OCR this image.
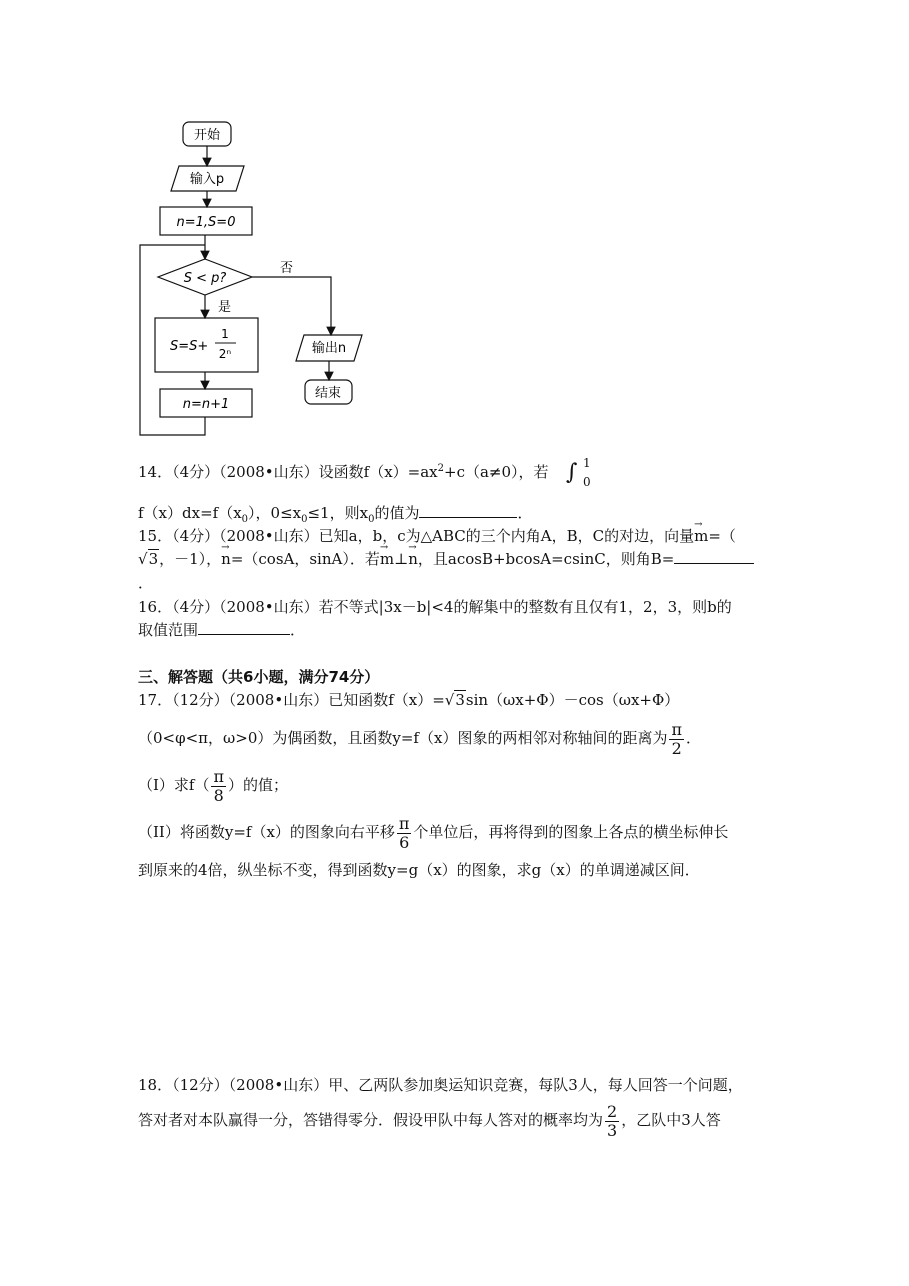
开始
输入p
n=1,S=0
S < p?
是
否
S=S+
1
2ⁿ
n=n+1
输出n
结束
14．（4分）（2008•山东）设函数$f(x)=ax^2+c(a\ne 0)$，若 ∫ 1
0
$f(x)dx=f(x_0)$，$0\le x_0\le 1$，则$x_0$的值为	．
15．（4分）（2008•山东）已知a，b，c为△ABC的三个内角A，B，C的对边，向量→ m=（
√3，－1），→ n=（cosA，sinA）．若→ m⊥→ n，且acosB+bcosA=csinC，则角B=
．
16．（4分）（2008•山东）若不等式|3x－b|<4的解集中的整数有且仅有1，2，3，则b的
取值范围	．
三、解答题（共6小题，满分74分）
17．（12分）（2008•山东）已知函数f（x）=√3sin（ωx+Φ）－cos（ωx+Φ）
（0<φ<π，ω>0）为偶函数，且函数y=f（x）图象的两相邻对称轴间的距离为 $\frac{\pi}{2}$ ．
（I）求$f( \frac{\pi}{8}$ ）的值；
（II）将函数y=f（x）的图象向右平移 $\frac{\pi}{6}$ 个单位后，再将得到的图象上各点的横坐标伸长
到原来的4倍，纵坐标不变，得到函数y=g（x）的图象，求g（x）的单调递减区间．
18．（12分）（2008•山东）甲、乙两队参加奥运知识竞赛，每队3人，每人回答一个问题，
答对者对本队赢得一分，答错得零分．假设甲队中每人答对的概率均为 $\frac{2}{3}$ ，乙队中3人答
